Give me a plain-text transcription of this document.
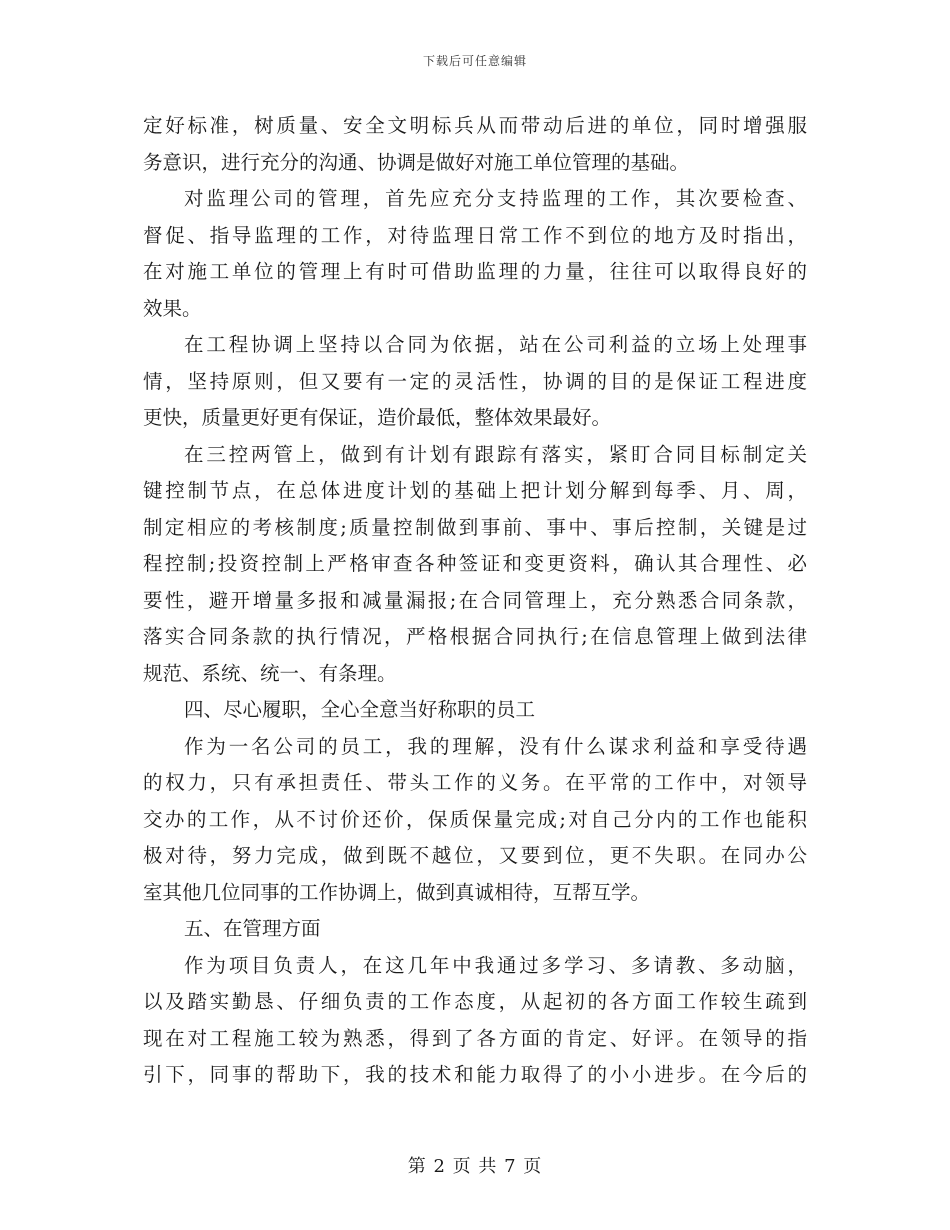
下载后可任意编辑
定好标准，树质量、安全文明标兵从而带动后进的单位，同时增强服
务意识，进行充分的沟通、协调是做好对施工单位管理的基础。
对监理公司的管理，首先应充分支持监理的工作，其次要检查、
督促、指导监理的工作，对待监理日常工作不到位的地方及时指出，
在对施工单位的管理上有时可借助监理的力量，往往可以取得良好的
效果。
在工程协调上坚持以合同为依据，站在公司利益的立场上处理事
情，坚持原则，但又要有一定的灵活性，协调的目的是保证工程进度
更快，质量更好更有保证，造价最低，整体效果最好。
在三控两管上，做到有计划有跟踪有落实，紧盯合同目标制定关
键控制节点，在总体进度计划的基础上把计划分解到每季、月、周，
制定相应的考核制度;质量控制做到事前、事中、事后控制，关键是过
程控制;投资控制上严格审查各种签证和变更资料，确认其合理性、必
要性，避开增量多报和减量漏报;在合同管理上，充分熟悉合同条款，
落实合同条款的执行情况，严格根据合同执行;在信息管理上做到法律
规范、系统、统一、有条理。
四、尽心履职，全心全意当好称职的员工
作为一名公司的员工，我的理解，没有什么谋求利益和享受待遇
的权力，只有承担责任、带头工作的义务。在平常的工作中，对领导
交办的工作，从不讨价还价，保质保量完成;对自己分内的工作也能积
极对待，努力完成，做到既不越位，又要到位，更不失职。在同办公
室其他几位同事的工作协调上，做到真诚相待，互帮互学。
五、在管理方面
作为项目负责人，在这几年中我通过多学习、多请教、多动脑，
以及踏实勤恳、仔细负责的工作态度，从起初的各方面工作较生疏到
现在对工程施工较为熟悉，得到了各方面的肯定、好评。在领导的指
引下，同事的帮助下，我的技术和能力取得了的小小进步。在今后的
第 2 页 共 7 页
